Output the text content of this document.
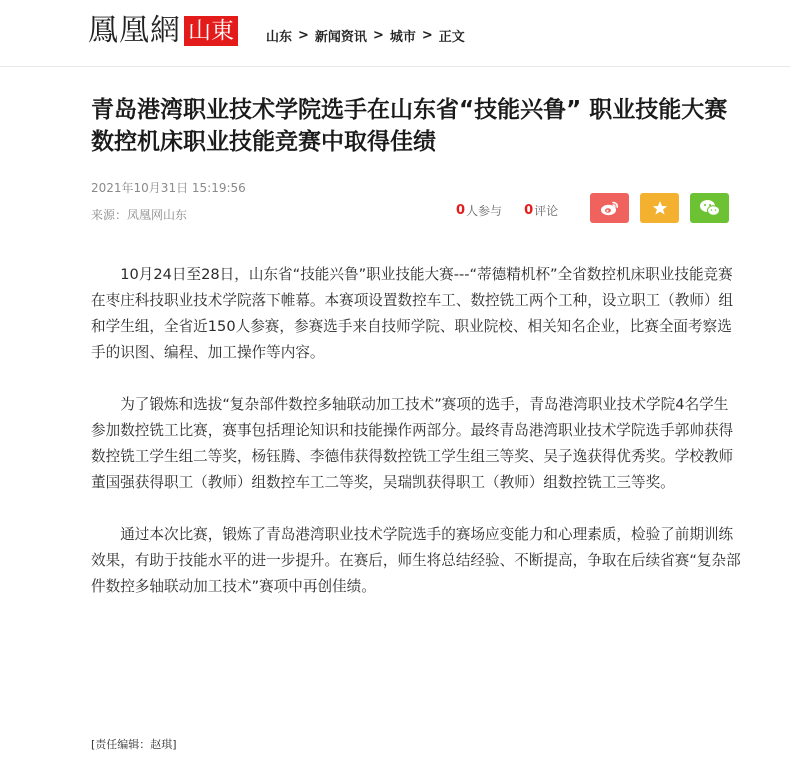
鳳凰網 山東	山东 > 新闻资讯 > 城市 > 正文
青岛港湾职业技术学院选手在山东省“技能兴鲁” 职业技能大赛数控机床职业技能竞赛中取得佳绩
2021年10月31日 15:19:56
来源：凤凰网山东	0 人参与 0 评论

10月24日至28日，山东省“技能兴鲁”职业技能大赛---“蒂德精机杯”全省数控机床职业技能竞赛在枣庄科技职业技术学院落下帷幕。本赛项设置数控车工、数控铣工两个工种，设立职工（教师）组和学生组，全省近150人参赛，参赛选手来自技师学院、职业院校、相关知名企业，比赛全面考察选手的识图、编程、加工操作等内容。

为了锻炼和选拔“复杂部件数控多轴联动加工技术”赛项的选手，青岛港湾职业技术学院4名学生参加数控铣工比赛，赛事包括理论知识和技能操作两部分。最终青岛港湾职业技术学院选手郭帅获得数控铣工学生组二等奖，杨钰腾、李德伟获得数控铣工学生组三等奖、吴子逸获得优秀奖。学校教师董国强获得职工（教师）组数控车工二等奖，吴瑞凯获得职工（教师）组数控铣工三等奖。

通过本次比赛，锻炼了青岛港湾职业技术学院选手的赛场应变能力和心理素质，检验了前期训练效果，有助于技能水平的进一步提升。在赛后，师生将总结经验、不断提高，争取在后续省赛“复杂部件数控多轴联动加工技术”赛项中再创佳绩。

[责任编辑：赵琪]
